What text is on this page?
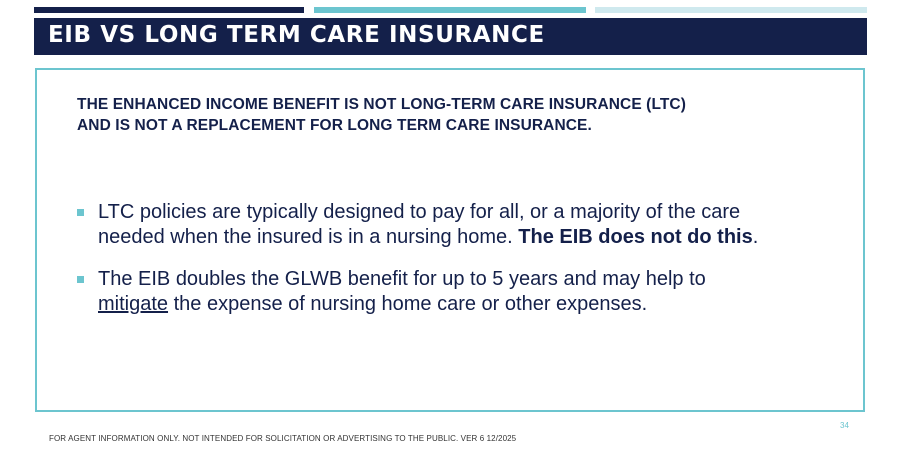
EIB VS LONG TERM CARE INSURANCE
THE ENHANCED INCOME BENEFIT IS NOT LONG-TERM CARE INSURANCE (LTC)
AND IS NOT A REPLACEMENT FOR LONG TERM CARE INSURANCE.
LTC policies are typically designed to pay for all, or a majority of the care
needed when the insured is in a nursing home. The EIB does not do this.
The EIB doubles the GLWB benefit for up to 5 years and may help to
mitigate the expense of nursing home care or other expenses.
34
FOR AGENT INFORMATION ONLY. NOT INTENDED FOR SOLICITATION OR ADVERTISING TO THE PUBLIC. VER 6 12/2025
